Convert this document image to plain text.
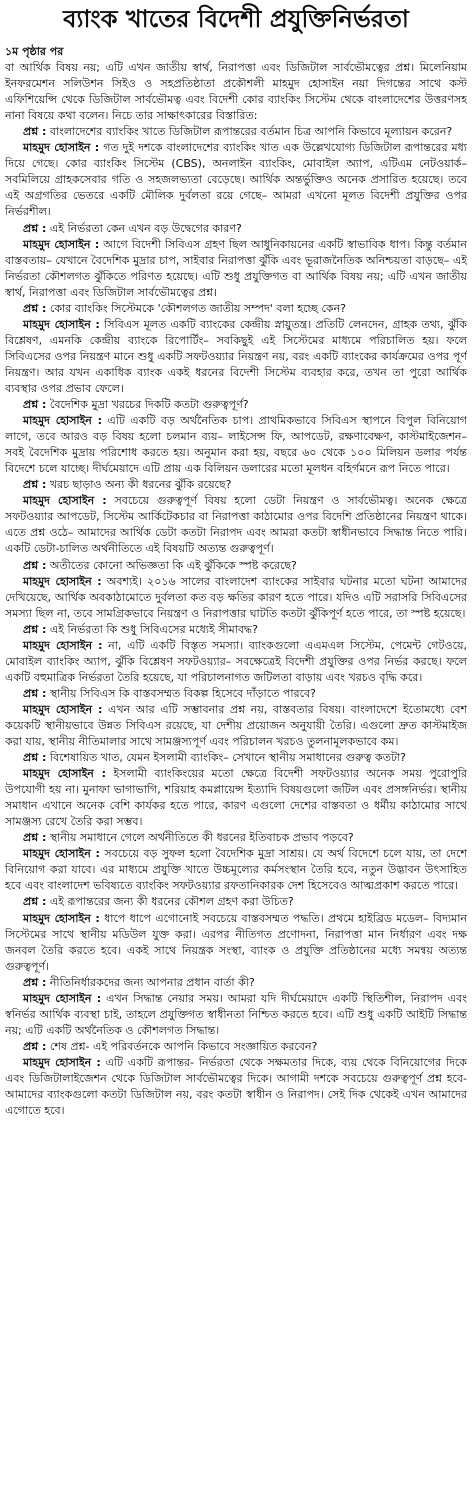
ব্যাংক খাতের বিদেশী প্রযুক্তিনির্ভরতা

১ম পৃষ্ঠার পর

বা আর্থিক বিষয় নয়; এটি এখন জাতীয় স্বার্থ, নিরাপত্তা এবং ডিজিটাল সার্বভৌমত্বের প্রশ্ন। মিলেনিয়াম ইনফরমেশন সলিউশন সিইও ও সহপ্রতিষ্ঠাতা প্রকৌশলী মাহমুদ হোসাইন নয়া দিগন্তের সাথে কস্ট এফিশিয়েন্সি থেকে ডিজিটাল সার্বভৌমত্ব এবং বিদেশী কোর ব্যাংকিং সিস্টেম থেকে বাংলাদেশের উত্তরণসহ নানা বিষয়ে কথা বলেন। নিচে তার সাক্ষাৎকারের বিস্তারিত:

প্রশ্ন : বাংলাদেশের ব্যাংকিং খাতে ডিজিটাল রূপান্তরের বর্তমান চিত্র আপনি কিভাবে মূল্যায়ন করেন?

মাহমুদ হোসাইন : গত দুই দশকে বাংলাদেশের ব্যাংকিং খাত এক উল্লেখযোগ্য ডিজিটাল রূপান্তরের মধ্য দিয়ে গেছে। কোর ব্যাংকিং সিস্টেম (CBS), অনলাইন ব্যাংকিং, মোবাইল অ্যাপ, এটিএম নেটওয়ার্ক– সবমিলিয়ে গ্রাহকসেবার গতি ও সহজলভ্যতা বেড়েছে। আর্থিক অন্তর্ভুক্তিও অনেক প্রসারিত হয়েছে। তবে এই অগ্রগতির ভেতরে একটি মৌলিক দুর্বলতা রয়ে গেছে– আমরা এখনো মূলত বিদেশী প্রযুক্তির ওপর নির্ভরশীল।

প্রশ্ন : এই নির্ভরতা কেন এখন বড় উদ্বেগের কারণ?

মাহমুদ হোসাইন : আগে বিদেশী সিবিএস গ্রহণ ছিল আধুনিকায়নের একটি স্বাভাবিক ধাপ। কিন্তু বর্তমান বাস্তবতায়– যেখানে বৈদেশিক মুদ্রার চাপ, সাইবার নিরাপত্তা ঝুঁকি এবং ভূরাজনৈতিক অনিশ্চয়তা বাড়ছে– এই নির্ভরতা কৌশলগত ঝুঁকিতে পরিণত হয়েছে। এটি শুধু প্রযুক্তিগত বা আর্থিক বিষয় নয়; এটি এখন জাতীয় স্বার্থ, নিরাপত্তা এবং ডিজিটাল সার্বভৌমত্বের প্রশ্ন।

প্রশ্ন : কোর ব্যাংকিং সিস্টেমকে 'কৌশলগত জাতীয় সম্পদ' বলা হচ্ছে কেন?

মাহমুদ হোসাইন : সিবিএস মূলত একটি ব্যাংকের কেন্দ্রীয় স্নায়ুতন্ত্র। প্রতিটি লেনদেন, গ্রাহক তথ্য, ঝুঁকি বিশ্লেষণ, এমনকি কেন্দ্রীয় ব্যাংকে রিপোর্টিং– সবকিছুই এই সিস্টেমের মাধ্যমে পরিচালিত হয়। ফলে সিবিএসের ওপর নিয়ন্ত্রণ মানে শুধু একটি সফটওয়্যার নিয়ন্ত্রণ নয়, বরং একটি ব্যাংকের কার্যক্রমের ওপর পূর্ণ নিয়ন্ত্রণ। আর যখন একাধিক ব্যাংক একই ধরনের বিদেশী সিস্টেম ব্যবহার করে, তখন তা পুরো আর্থিক ব্যবস্থার ওপর প্রভাব ফেলে।

প্রশ্ন : বৈদেশিক মুদ্রা খরচের দিকটি কতটা গুরুত্বপূর্ণ?

মাহমুদ হোসাইন : এটি একটি বড় অর্থনৈতিক চাপ। প্রাথমিকভাবে সিবিএস স্থাপনে বিপুল বিনিয়োগ লাগে, তবে আরও বড় বিষয় হলো চলমান ব্যয়– লাইসেন্স ফি, আপডেট, রক্ষণাবেক্ষণ, কাস্টমাইজেশন– সবই বৈদেশিক মুদ্রায় পরিশোধ করতে হয়। অনুমান করা হয়, বছরে ৬০ থেকে ১০০ মিলিয়ন ডলার পর্যন্ত বিদেশে চলে যাচ্ছে। দীর্ঘমেয়াদে এটি প্রায় এক বিলিয়ন ডলারের মতো মূলধন বহির্গমনে রূপ নিতে পারে।

প্রশ্ন : খরচ ছাড়াও অন্য কী ধরনের ঝুঁকি রয়েছে?

মাহমুদ হোসাইন : সবচেয়ে গুরুত্বপূর্ণ বিষয় হলো ডেটা নিয়ন্ত্রণ ও সার্বভৌমত্ব। অনেক ক্ষেত্রে সফটওয়্যার আপডেট, সিস্টেম আর্কিটেকচার বা নিরাপত্তা কাঠামোর ওপর বিদেশি প্রতিষ্ঠানের নিয়ন্ত্রণ থাকে। এতে প্রশ্ন ওঠে– আমাদের আর্থিক ডেটা কতটা নিরাপদ এবং আমরা কতটা স্বাধীনভাবে সিদ্ধান্ত নিতে পারি। একটি ডেটা-চালিত অর্থনীতিতে এই বিষয়টি অত্যন্ত গুরুত্বপূর্ণ।

প্রশ্ন : অতীতের কোনো অভিজ্ঞতা কি এই ঝুঁকিকে স্পষ্ট করেছে?

মাহমুদ হোসাইন : অবশ্যই। ২০১৬ সালের বাংলাদেশ ব্যাংকের সাইবার ঘটনার মতো ঘটনা আমাদের দেখিয়েছে, আর্থিক অবকাঠামোতে দুর্বলতা কত বড় ক্ষতির কারণ হতে পারে। যদিও এটি সরাসরি সিবিএসের সমস্যা ছিল না, তবে সামগ্রিকভাবে নিয়ন্ত্রণ ও নিরাপত্তার ঘাটতি কতটা ঝুঁকিপূর্ণ হতে পারে, তা স্পষ্ট হয়েছে।

প্রশ্ন : এই নির্ভরতা কি শুধু সিবিএসের মধ্যেই সীমাবদ্ধ?

মাহমুদ হোসাইন : না, এটি একটি বিস্তৃত সমস্যা। ব্যাংকগুলো এএমএল সিস্টেম, পেমেন্ট গেটওয়ে, মোবাইল ব্যাংকিং অ্যাপ, ঝুঁকি বিশ্লেষণ সফটওয়্যার– সবক্ষেত্রেই বিদেশী প্রযুক্তির ওপর নির্ভর করছে। ফলে একটি বহুমাত্রিক নির্ভরতা তৈরি হয়েছে, যা পরিচালনাগত জটিলতা বাড়ায় এবং খরচও বৃদ্ধি করে।

প্রশ্ন : স্থানীয় সিবিএস কি বাস্তবসম্মত বিকল্প হিসেবে দাঁড়াতে পারবে?

মাহমুদ হোসাইন : এখন আর এটি সম্ভাবনার প্রশ্ন নয়, বাস্তবতার বিষয়। বাংলাদেশে ইতোমধ্যে বেশ কয়েকটি স্থানীয়ভাবে উন্নত সিবিএস রয়েছে, যা দেশীয় প্রয়োজন অনুযায়ী তৈরি। এগুলো দ্রুত কাস্টমাইজ করা যায়, স্থানীয় নীতিমালার সাথে সামঞ্জস্যপূর্ণ এবং পরিচালন খরচও তুলনামূলকভাবে কম।

প্রশ্ন : বিশেষায়িত খাত, যেমন ইসলামী ব্যাংকিং– সেখানে স্থানীয় সমাধানের গুরুত্ব কতটা?

মাহমুদ হোসাইন : ইসলামী ব্যাংকিংয়ের মতো ক্ষেত্রে বিদেশী সফটওয়্যার অনেক সময় পুরোপুরি উপযোগী হয় না। মুনাফা ভাগাভাগি, শরিয়াহ কমপ্লায়েন্স ইত্যাদি বিষয়গুলো জটিল এবং প্রসঙ্গনির্ভর। স্থানীয় সমাধান এখানে অনেক বেশি কার্যকর হতে পারে, কারণ এগুলো দেশের বাস্তবতা ও ধর্মীয় কাঠামোর সাথে সামঞ্জস্য রেখে তৈরি করা সম্ভব।

প্রশ্ন : স্থানীয় সমাধানে গেলে অর্থনীতিতে কী ধরনের ইতিবাচক প্রভাব পড়বে?

মাহমুদ হোসাইন : সবচেয়ে বড় সুফল হলো বৈদেশিক মুদ্রা সাশ্রয়। যে অর্থ বিদেশে চলে যায়, তা দেশে বিনিয়োগ করা যাবে। এর মাধ্যমে প্রযুক্তি খাতে উচ্চমূল্যের কর্মসংস্থান তৈরি হবে, নতুন উদ্ভাবন উৎসাহিত হবে এবং বাংলাদেশ ভবিষ্যতে ব্যাংকিং সফটওয়্যার রফতানিকারক দেশ হিসেবেও আত্মপ্রকাশ করতে পারে।

প্রশ্ন : এই রূপান্তরের জন্য কী ধরনের কৌশল গ্রহণ করা উচিত?

মাহমুদ হোসাইন : ধাপে ধাপে এগোনোই সবচেয়ে বাস্তবসম্মত পদ্ধতি। প্রথমে হাইব্রিড মডেল– বিদ্যমান সিস্টেমের সাথে স্থানীয় মডিউল যুক্ত করা। এরপর নীতিগত প্রণোদনা, নিরাপত্তা মান নির্ধারণ এবং দক্ষ জনবল তৈরি করতে হবে। একই সাথে নিয়ন্ত্রক সংস্থা, ব্যাংক ও প্রযুক্তি প্রতিষ্ঠানের মধ্যে সমন্বয় অত্যন্ত গুরুত্বপূর্ণ।

প্রশ্ন : নীতিনির্ধারকদের জন্য আপনার প্রধান বার্তা কী?

মাহমুদ হোসাইন : এখন সিদ্ধান্ত নেয়ার সময়। আমরা যদি দীর্ঘমেয়াদে একটি স্থিতিশীল, নিরাপদ এবং স্বনির্ভর আর্থিক ব্যবস্থা চাই, তাহলে প্রযুক্তিগত স্বাধীনতা নিশ্চিত করতে হবে। এটি শুধু একটি আইটি সিদ্ধান্ত নয়; এটি একটি অর্থনৈতিক ও কৌশলগত সিদ্ধান্ত।

প্রশ্ন : শেষ প্রশ্ন- এই পরিবর্তনকে আপনি কিভাবে সংজ্ঞায়িত করবেন?

মাহমুদ হোসাইন : এটি একটি রূপান্তর- নির্ভরতা থেকে সক্ষমতার দিকে, ব্যয় থেকে বিনিয়োগের দিকে এবং ডিজিটালাইজেশন থেকে ডিজিটাল সার্বভৌমত্বের দিকে। আগামী দশকে সবচেয়ে গুরুত্বপূর্ণ প্রশ্ন হবে- আমাদের ব্যাংকগুলো কতটা ডিজিটাল নয়, বরং কতটা স্বাধীন ও নিরাপদ। সেই দিক থেকেই এখন আমাদের এগোতে হবে।
